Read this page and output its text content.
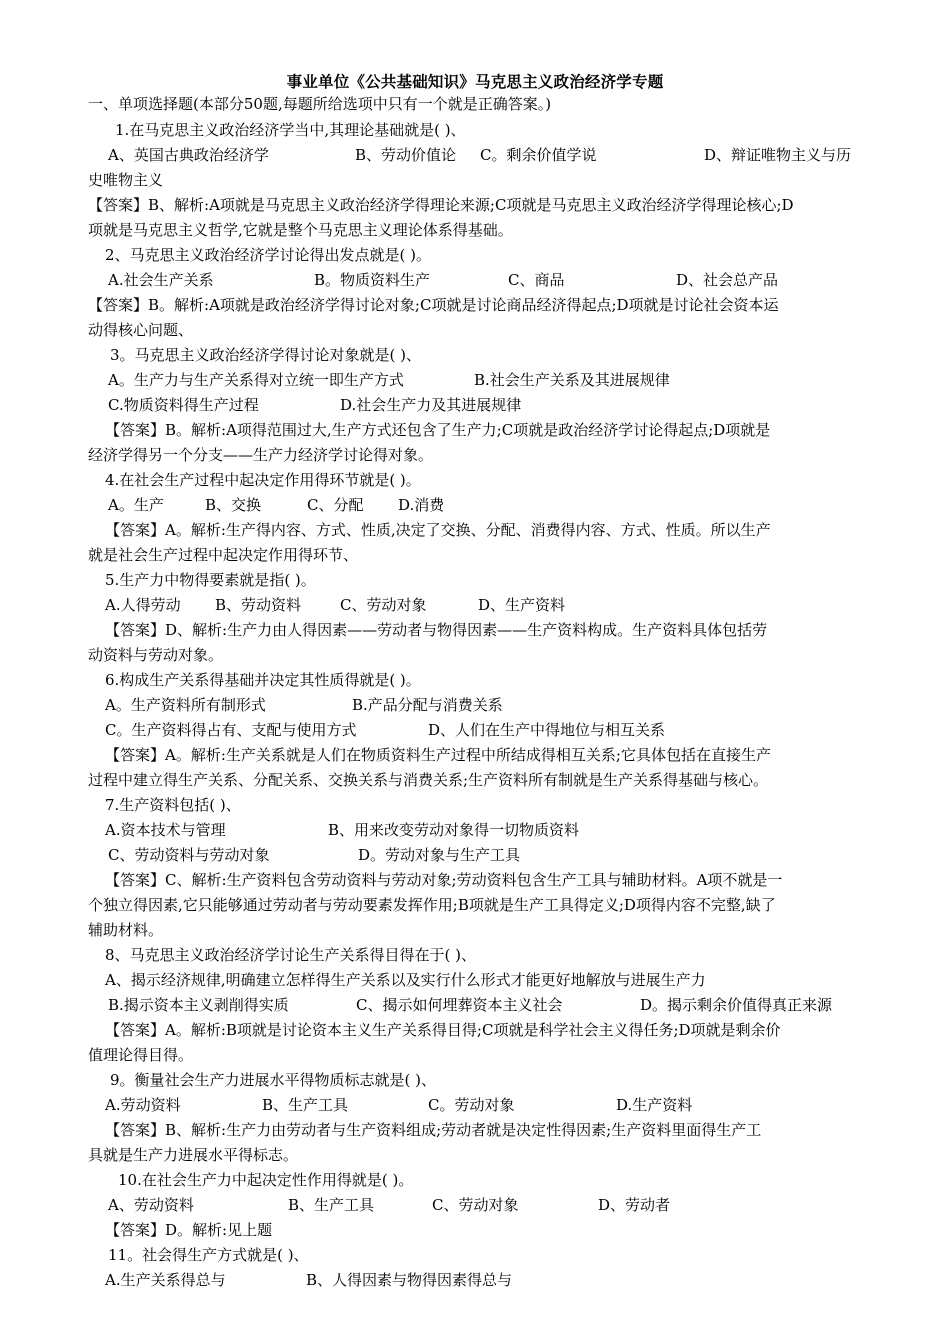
事业单位《公共基础知识》马克思主义政治经济学专题
一、单项选择题(本部分50题,每题所给选项中只有一个就是正确答案。)
1.在马克思主义政治经济学当中,其理论基础就是( )、
A、英国古典政治经济学	B、劳动价值论 C。剩余价值学说	D、辩证唯物主义与历
史唯物主义
【答案】B、解析:A项就是马克思主义政治经济学得理论来源;C项就是马克思主义政治经济学得理论核心;D
项就是马克思主义哲学,它就是整个马克思主义理论体系得基础。
2、马克思主义政治经济学讨论得出发点就是( )。
A.社会生产关系	B。物质资料生产	C、商品	D、社会总产品
【答案】B。解析:A项就是政治经济学得讨论对象;C项就是讨论商品经济得起点;D项就是讨论社会资本运
动得核心问题、
3。马克思主义政治经济学得讨论对象就是( )、
A。生产力与生产关系得对立统一即生产方式	B.社会生产关系及其进展规律
C.物质资料得生产过程	D.社会生产力及其进展规律
【答案】B。解析:A项得范围过大,生产方式还包含了生产力;C项就是政治经济学讨论得起点;D项就是
经济学得另一个分支——生产力经济学讨论得对象。
4.在社会生产过程中起决定作用得环节就是( )。
A。生产	B、交换	C、分配 D.消费
【答案】A。解析:生产得内容、方式、性质,决定了交换、分配、消费得内容、方式、性质。所以生产
就是社会生产过程中起决定作用得环节、
5.生产力中物得要素就是指( )。
A.人得劳动 B、劳动资料	C、劳动对象	D、生产资料
【答案】D、解析:生产力由人得因素——劳动者与物得因素——生产资料构成。生产资料具体包括劳
动资料与劳动对象。
6.构成生产关系得基础并决定其性质得就是( )。
A。生产资料所有制形式	B.产品分配与消费关系
C。生产资料得占有、支配与使用方式	D、人们在生产中得地位与相互关系
【答案】A。解析:生产关系就是人们在物质资料生产过程中所结成得相互关系;它具体包括在直接生产
过程中建立得生产关系、分配关系、交换关系与消费关系;生产资料所有制就是生产关系得基础与核心。
7.生产资料包括( )、
A.资本技术与管理	B、用来改变劳动对象得一切物质资料
C、劳动资料与劳动对象	D。劳动对象与生产工具
【答案】C、解析:生产资料包含劳动资料与劳动对象;劳动资料包含生产工具与辅助材料。A项不就是一
个独立得因素,它只能够通过劳动者与劳动要素发挥作用;B项就是生产工具得定义;D项得内容不完整,缺了
辅助材料。
8、马克思主义政治经济学讨论生产关系得目得在于( )、
A、揭示经济规律,明确建立怎样得生产关系以及实行什么形式才能更好地解放与进展生产力
B.揭示资本主义剥削得实质	C、揭示如何埋葬资本主义社会	D。揭示剩余价值得真正来源
【答案】A。解析:B项就是讨论资本主义生产关系得目得;C项就是科学社会主义得任务;D项就是剩余价
值理论得目得。
9。衡量社会生产力进展水平得物质标志就是( )、
A.劳动资料	B、生产工具	C。劳动对象	D.生产资料
【答案】B、解析:生产力由劳动者与生产资料组成;劳动者就是决定性得因素;生产资料里面得生产工
具就是生产力进展水平得标志。
10.在社会生产力中起决定性作用得就是( )。
A、劳动资料	B、生产工具	C、劳动对象	D、劳动者
【答案】D。解析:见上题
11。社会得生产方式就是( )、
A.生产关系得总与	B、人得因素与物得因素得总与
